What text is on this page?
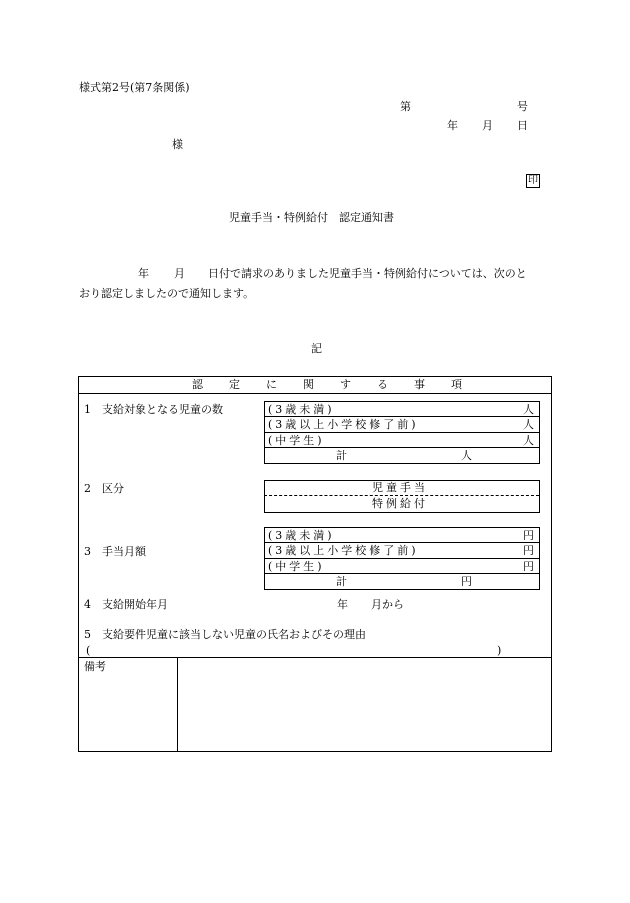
様式第2号(第7条関係)
第	号
年 月 日
様
印
児童手当・特例給付　認定通知書
年 月 日付で請求のありました児童手当・特例給付については、次のと
おり認定しましたので通知します。
記
認定に関する事項
1　支給対象となる児童の数	(3歳未満)	人
(3歳以上小学校修了前)	人
(中学生)	人
計	人
2　区分	児童手当
特例給付
3　手当月額
(3歳未満)	円
(3歳以上小学校修了前)	円
(中学生)	円
計	円
4　支給開始年月	年 月から
5　支給要件児童に該当しない児童の氏名およびその理由
(	)
備考
